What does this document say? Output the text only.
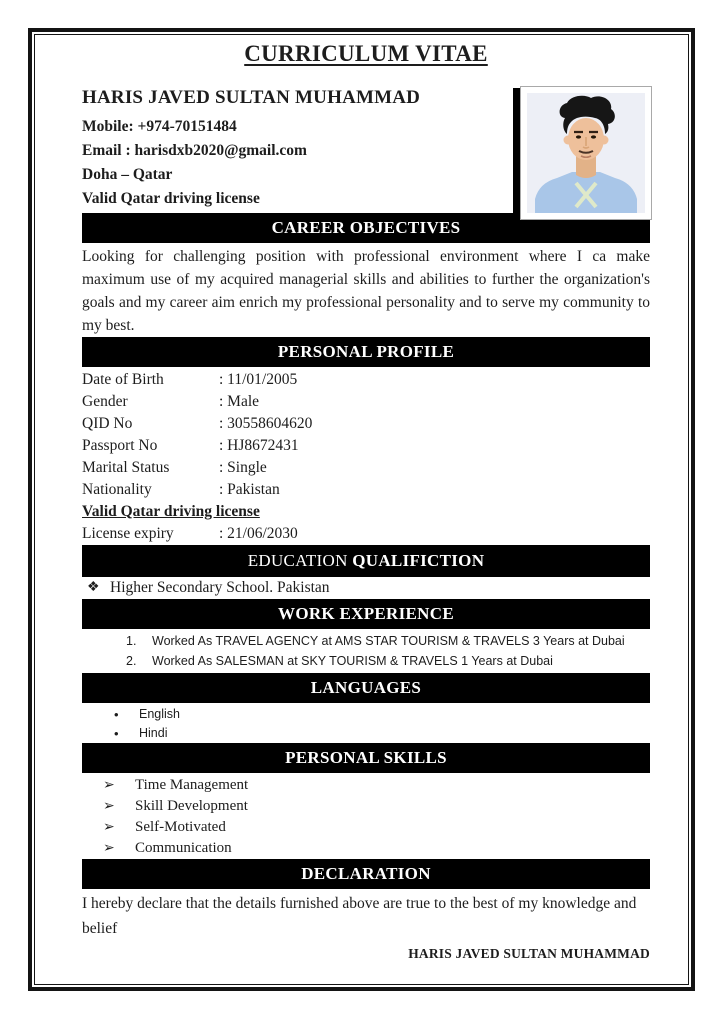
CURRICULUM VITAE
HARIS JAVED SULTAN MUHAMMAD
Mobile: +974-70151484
Email : harisdxb2020@gmail.com
Doha – Qatar
Valid Qatar driving license
CAREER OBJECTIVES
Looking for challenging position with professional environment where I ca make maximum use of my acquired managerial skills and abilities to further the organization's goals and my career aim enrich my professional personality and to serve my community to my best.
PERSONAL PROFILE
Date of Birth	: 11/01/2005
Gender	: Male
QID No	: 30558604620
Passport No	: HJ8672431
Marital Status	: Single
Nationality	: Pakistan
Valid Qatar driving license
License expiry	: 21/06/2030
EDUCATION QUALIFICTION
❖ Higher Secondary School. Pakistan
WORK EXPERIENCE
1.	Worked As TRAVEL AGENCY at AMS STAR TOURISM & TRAVELS 3 Years at Dubai
2.	Worked As SALESMAN at SKY TOURISM & TRAVELS 1 Years at Dubai
LANGUAGES
•	English
•	Hindi
PERSONAL SKILLS
➢	Time Management
➢	Skill Development
➢	Self-Motivated
➢	Communication
DECLARATION
I hereby declare that the details furnished above are true to the best of my knowledge and belief
HARIS JAVED SULTAN MUHAMMAD
